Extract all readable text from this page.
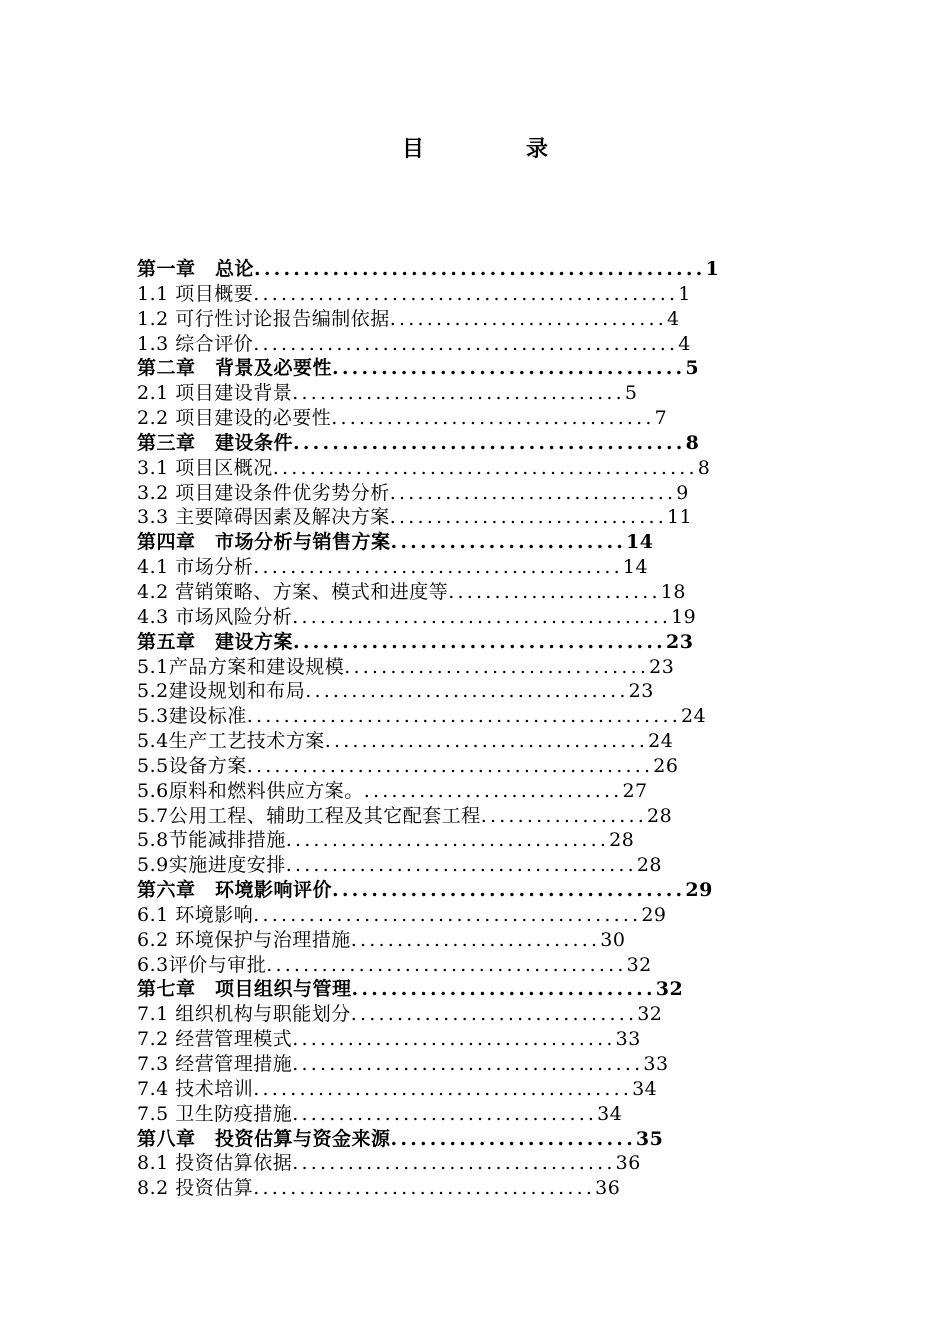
目　录
第一章　总论..............................................1
1.1 项目概要..............................................1
1.2 可行性讨论报告编制依据..............................4
1.3 综合评价..............................................4
第二章　背景及必要性....................................5
2.1 项目建设背景....................................5
2.2 项目建设的必要性...................................7
第三章　建设条件........................................8
3.1 项目区概况..............................................8
3.2 项目建设条件优劣势分析...............................9
3.3 主要障碍因素及解决方案..............................11
第四章　市场分析与销售方案........................14
4.1 市场分析........................................14
4.2 营销策略、方案、模式和进度等.......................18
4.3 市场风险分析.........................................19
第五章　建设方案......................................23
5.1产品方案和建设规模.................................23
5.2建设规划和布局...................................23
5.3建设标准...............................................24
5.4生产工艺技术方案...................................24
5.5设备方案............................................26
5.6原料和燃料供应方案。............................27
5.7公用工程、辅助工程及其它配套工程..................28
5.8节能减排措施...................................28
5.9实施进度安排......................................28
第六章　环境影响评价....................................29
6.1 环境影响..........................................29
6.2 环境保护与治理措施...........................30
6.3评价与审批.......................................32
第七章　项目组织与管理...............................32
7.1 组织机构与职能划分...............................32
7.2 经营管理模式...................................33
7.3 经营管理措施......................................33
7.4 技术培训.........................................34
7.5 卫生防疫措施.................................34
第八章　投资估算与资金来源.........................35
8.1 投资估算依据...................................36
8.2 投资估算.....................................36
